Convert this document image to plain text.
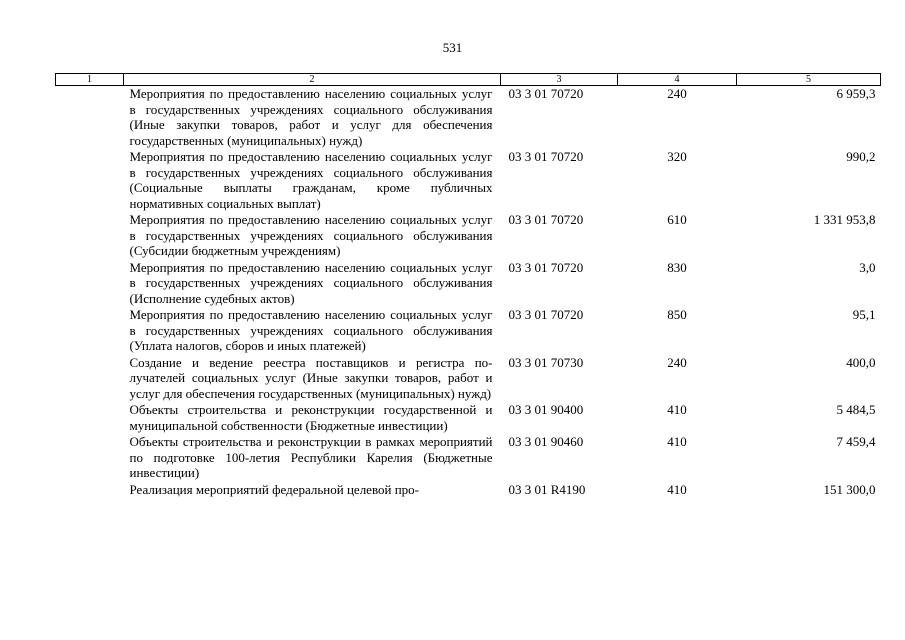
531
1	2	3	4	5
	Мероприятия по предоставлению населению социальных услуг в государственных учреждениях социального обслуживания (Иные закупки товаров, работ и услуг для обеспечения государственных (муниципальных) нужд)	03 3 01 70720	240	6 959,3
	Мероприятия по предоставлению населению социальных услуг в государственных учреждениях социального обслуживания (Социальные выплаты гражданам, кроме публичных нормативных социальных выплат)	03 3 01 70720	320	990,2
	Мероприятия по предоставлению населению социальных услуг в государственных учреждениях социального обслуживания (Субсидии бюджетным учреждениям)	03 3 01 70720	610	1 331 953,8
	Мероприятия по предоставлению населению социальных услуг в государственных учреждениях социального обслуживания (Исполнение судебных актов)	03 3 01 70720	830	3,0
	Мероприятия по предоставлению населению социальных услуг в государственных учреждениях социального обслуживания (Уплата налогов, сборов и иных платежей)	03 3 01 70720	850	95,1
	Создание и ведение реестра поставщиков и регистра получателей социальных услуг (Иные закупки товаров, работ и услуг для обеспечения государственных (муниципальных) нужд)	03 3 01 70730	240	400,0
	Объекты строительства и реконструкции государственной и муниципальной собственности (Бюджетные инвестиции)	03 3 01 90400	410	5 484,5
	Объекты строительства и реконструкции в рамках мероприятий по подготовке 100-летия Республики Карелия (Бюджетные инвестиции)	03 3 01 90460	410	7 459,4
	Реализация мероприятий федеральной целевой про-	03 3 01 R4190	410	151 300,0
